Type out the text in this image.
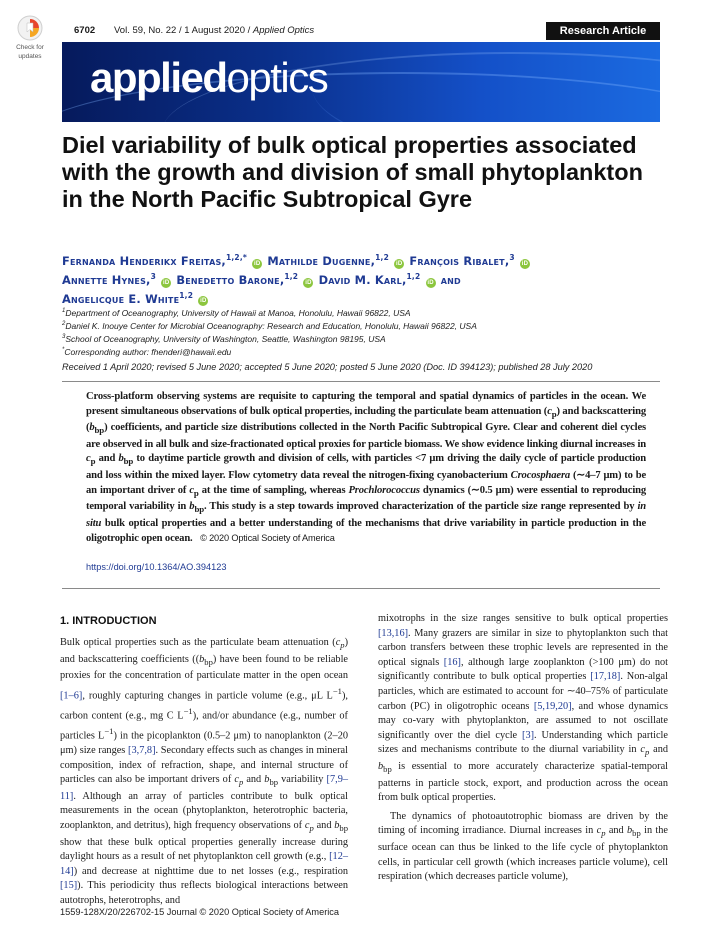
Check for
updates
6702 Vol. 59, No. 22 / 1 August 2020 / Applied Optics	Research Article
appliedoptics
Diel variability of bulk optical properties associated with the growth and division of small phytoplankton in the North Pacific Subtropical Gyre
Fernanda Henderikx Freitas,$^{1,2,*}$ iD Mathilde Dugenne,$^{1,2}$ iD François Ribalet,$^3$ iD
Annette Hynes,$^3$ iD Benedetto Barone,$^{1,2}$ iD David M. Karl,$^{1,2}$ iD and
Angelicque E. White$^{1,2}$ iD
$^1$Department of Oceanography, University of Hawaii at Manoa, Honolulu, Hawaii 96822, USA
$^2$Daniel K. Inouye Center for Microbial Oceanography: Research and Education, Honolulu, Hawaii 96822, USA
$^3$School of Oceanography, University of Washington, Seattle, Washington 98195, USA
*Corresponding author: fhenderi@hawaii.edu
Received 1 April 2020; revised 5 June 2020; accepted 5 June 2020; posted 5 June 2020 (Doc. ID 394123); published 28 July 2020
Cross-platform observing systems are requisite to capturing the temporal and spatial dynamics of particles in the ocean. We present simultaneous observations of bulk optical properties, including the particulate beam attenuation $(c_p)$ and backscattering $(b_{bp})$ coefficients, and particle size distributions collected in the North Pacific Subtropical Gyre. Clear and coherent diel cycles are observed in all bulk and size-fractionated optical proxies for particle biomass. We show evidence linking diurnal increases in $c_p$ and $b_{bp}$ to daytime particle growth and division of cells, with particles <7 μm driving the daily cycle of particle production and loss within the mixed layer. Flow cytometry data reveal the nitrogen-fixing cyanobacterium Crocosphaera (∼4–7 μm) to be an important driver of $c_p$ at the time of sampling, whereas Prochlorococcus dynamics (∼0.5 μm) were essential to reproducing temporal variability in $b_{bp}$. This study is a step towards improved characterization of the particle size range represented by in situ bulk optical properties and a better understanding of the mechanisms that drive variability in particle production in the oligotrophic open ocean. © 2020 Optical Society of America
https://doi.org/10.1364/AO.394123
1. INTRODUCTION

Bulk optical properties such as the particulate beam attenuation $(c_p)$ and backscattering coefficients ($(b_{bp})$ have been found to be reliable proxies for the concentration of particulate matter in the open ocean [1–6], roughly capturing changes in particle volume (e.g., μL $L^{-1}$), carbon content (e.g., mg C $L^{-1}$), and/or abundance (e.g., number of particles $L^{-1}$) in the picoplankton (0.5–2 μm) to nanoplankton (2–20 μm) size ranges [3,7,8]. Secondary effects such as changes in mineral composition, index of refraction, shape, and internal structure of particles can also be important drivers of $c_p$ and $b_{bp}$ variability [7,9–11]. Although an array of particles contribute to bulk optical measurements in the ocean (phytoplankton, heterotrophic bacteria, zooplankton, and detritus), high frequency observations of $c_p$ and $b_{bp}$ show that these bulk optical properties generally increase during daylight hours as a result of net phytoplankton cell growth (e.g., [12–14]) and decrease at nighttime due to net losses (e.g., respiration [15]). This periodicity thus reflects biological interactions between autotrophs, heterotrophs, and

mixotrophs in the size ranges sensitive to bulk optical properties [13,16]. Many grazers are similar in size to phytoplankton such that carbon transfers between these trophic levels are represented in the optical signals [16], although large zooplankton (>100 μm) do not significantly contribute to bulk optical properties [17,18]. Non-algal particles, which are estimated to account for ∼40–75% of particulate carbon (PC) in oligotrophic oceans [5,19,20], and whose dynamics may co-vary with phytoplankton, are assumed to not oscillate significantly over the diel cycle [3]. Understanding which particle sizes and mechanisms contribute to the diurnal variability in $c_p$ and $b_{bp}$ is essential to more accurately characterize spatial-temporal patterns in particle stock, export, and production across the ocean from bulk optical properties.

The dynamics of photoautotrophic biomass are driven by the timing of incoming irradiance. Diurnal increases in $c_p$ and $b_{bp}$ in the surface ocean can thus be linked to the life cycle of phytoplankton cells, in particular cell growth (which increases particle volume), cell respiration (which decreases particle volume),

1559-128X/20/226702-15 Journal © 2020 Optical Society of America
